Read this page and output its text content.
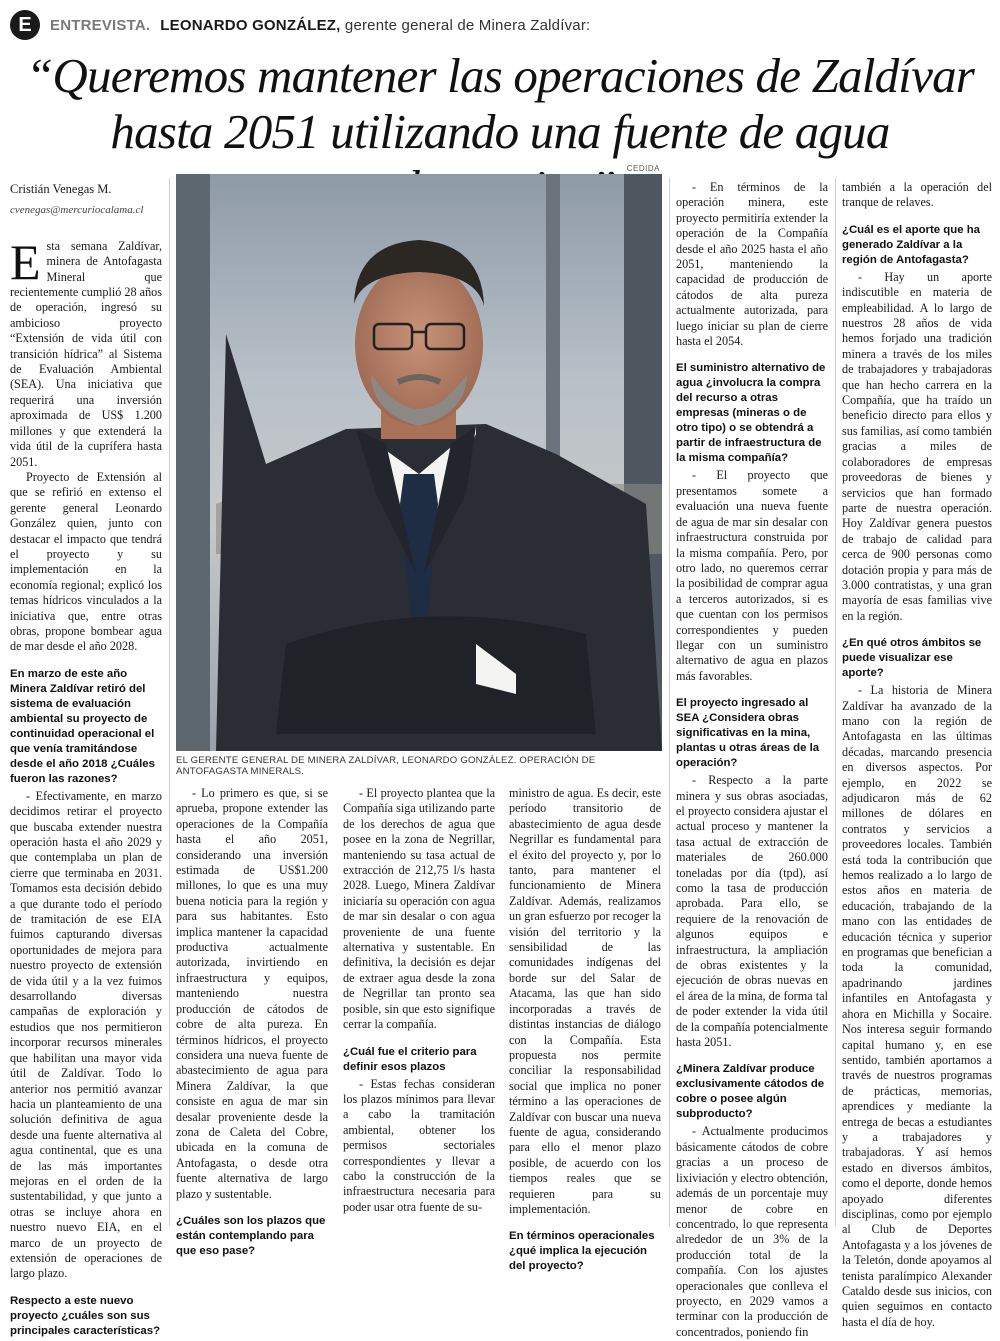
E	ENTREVISTA. LEONARDO GONZÁLEZ, gerente general de Minera Zaldívar:
“Queremos mantener las operaciones de Zaldívar hasta 2051 utilizando una fuente de agua
Cristián Venegas M.
cvenegas@mercuriocalama.cl

Esta semana Zaldívar, minera de Antofagasta Mineral que recientemente cumplió 28 años de operación, ingresó su ambicioso proyecto “Extensión de vida útil con transición hídrica” al Sistema de Evaluación Ambiental (SEA). Una iniciativa que requerirá una inversión aproximada de US$ 1.200 millones y que extenderá la vida útil de la cuprífera hasta 2051.

Proyecto de Extensión al que se refirió en extenso el gerente general Leonardo González quien, junto con destacar el impacto que tendrá el proyecto y su implementación en la economía regional; explicó los temas hídricos vinculados a la iniciativa que, entre otras obras, propone bombear agua de mar desde el año 2028.

En marzo de este año Minera Zaldívar retiró del sistema de evaluación ambiental su proyecto de continuidad operacional el que venía tramitándose desde el año 2018 ¿Cuáles fueron las razones?

- Efectivamente, en marzo decidimos retirar el proyecto que buscaba extender nuestra operación hasta el año 2029 y que contemplaba un plan de cierre que terminaba en 2031. Tomamos esta decisión debido a que durante todo el período de tramitación de ese EIA fuimos capturando diversas oportunidades de mejora para nuestro proyecto de extensión de vida útil y a la vez fuimos desarrollando diversas campañas de exploración y estudios que nos permitieron incorporar recursos minerales que habilitan una mayor vida útil de Zaldívar. Todo lo anterior nos permitió avanzar hacia un planteamiento de una solución definitiva de agua desde una fuente alternativa al agua continental, que es una de las más importantes mejoras en el orden de la sustentabilidad, y que junto a otras se incluye ahora en nuestro nuevo EIA, en el marco de un proyecto de extensión de operaciones de largo plazo.

Respecto a este nuevo proyecto ¿cuáles son sus principales características?

CEDIDA
EL GERENTE GENERAL DE MINERA ZALDÍVAR, LEONARDO GONZÁLEZ. OPERACIÓN DE ANTOFAGASTA MINERALS.

- Lo primero es que, si se aprueba, propone extender las operaciones de la Compañía hasta el año 2051, considerando una inversión estimada de US$1.200 millones, lo que es una muy buena noticia para la región y para sus habitantes. Esto implica mantener la capacidad productiva actualmente autorizada, invirtiendo en infraestructura y equipos, manteniendo nuestra producción de cátodos de cobre de alta pureza. En términos hídricos, el proyecto considera una nueva fuente de abastecimiento de agua para Minera Zaldívar, la que consiste en agua de mar sin desalar proveniente desde la zona de Caleta del Cobre, ubicada en la comuna de Antofagasta, o desde otra fuente alternativa de largo plazo y sustentable.

¿Cuáles son los plazos que están contemplando para que eso pase?

- El proyecto plantea que la Compañía siga utilizando parte de los derechos de agua que posee en la zona de Negrillar, manteniendo su tasa actual de extracción de 212,75 l/s hasta 2028. Luego, Minera Zaldívar iniciaría su operación con agua de mar sin desalar o con agua proveniente de una fuente alternativa y sustentable. En definitiva, la decisión es dejar de extraer agua desde la zona de Negrillar tan pronto sea posible, sin que esto signifique cerrar la compañía.

¿Cuál fue el criterio para definir esos plazos

- Estas fechas consideran los plazos mínimos para llevar a cabo la tramitación ambiental, obtener los permisos sectoriales correspondientes y llevar a cabo la construcción de la infraestructura necesaria para poder usar otra fuente de su-

ministro de agua. Es decir, este período transitorio de abastecimiento de agua desde Negrillar es fundamental para el éxito del proyecto y, por lo tanto, para mantener el funcionamiento de Minera Zaldívar. Además, realizamos un gran esfuerzo por recoger la visión del territorio y la sensibilidad de las comunidades indígenas del borde sur del Salar de Atacama, las que han sido incorporadas a través de distintas instancias de diálogo con la Compañía. Esta propuesta nos permite conciliar la responsabilidad social que implica no poner término a las operaciones de Zaldívar con buscar una nueva fuente de agua, considerando para ello el menor plazo posible, de acuerdo con los tiempos reales que se requieren para su implementación.

En términos operacionales ¿qué implica la ejecución del proyecto?

- En términos de la operación minera, este proyecto permitiría extender la operación de la Compañía desde el año 2025 hasta el año 2051, manteniendo la capacidad de producción de cátodos de alta pureza actualmente autorizada, para luego iniciar su plan de cierre hasta el 2054.

El suministro alternativo de agua ¿involucra la compra del recurso a otras empresas (mineras o de otro tipo) o se obtendrá a partir de infraestructura de la misma compañía?

- El proyecto que presentamos somete a evaluación una nueva fuente de agua de mar sin desalar con infraestructura construida por la misma compañía. Pero, por otro lado, no queremos cerrar la posibilidad de comprar agua a terceros autorizados, si es que cuentan con los permisos correspondientes y pueden llegar con un suministro alternativo de agua en plazos más favorables.

El proyecto ingresado al SEA ¿Considera obras significativas en la mina, plantas u otras áreas de la operación?

- Respecto a la parte minera y sus obras asociadas, el proyecto considera ajustar el actual proceso y mantener la tasa actual de extracción de materiales de 260.000 toneladas por día (tpd), así como la tasa de producción aprobada. Para ello, se requiere de la renovación de algunos equipos e infraestructura, la ampliación de obras existentes y la ejecución de obras nuevas en el área de la mina, de forma tal de poder extender la vida útil de la compañía potencialmente hasta 2051.

¿Minera Zaldívar produce exclusivamente cátodos de cobre o posee algún subproducto?

- Actualmente producimos básicamente cátodos de cobre gracias a un proceso de lixiviación y electro obtención, además de un porcentaje muy menor de cobre en concentrado, lo que representa alrededor de un 3% de la producción total de la compañía. Con los ajustes operacionales que conlleva el proyecto, en 2029 vamos a terminar con la producción de concentrados, poniendo fin

también a la operación del tranque de relaves.

¿Cuál es el aporte que ha generado Zaldívar a la región de Antofagasta?

- Hay un aporte indiscutible en materia de empleabilidad. A lo largo de nuestros 28 años de vida hemos forjado una tradición minera a través de los miles de trabajadores y trabajadoras que han hecho carrera en la Compañía, que ha traído un beneficio directo para ellos y sus familias, así como también gracias a miles de colaboradores de empresas proveedoras de bienes y servicios que han formado parte de nuestra operación. Hoy Zaldívar genera puestos de trabajo de calidad para cerca de 900 personas como dotación propia y para más de 3.000 contratistas, y una gran mayoría de esas familias vive en la región.

¿En qué otros ámbitos se puede visualizar ese aporte?

- La historia de Minera Zaldívar ha avanzado de la mano con la región de Antofagasta en las últimas décadas, marcando presencia en diversos aspectos. Por ejemplo, en 2022 se adjudicaron más de 62 millones de dólares en contratos y servicios a proveedores locales. También está toda la contribución que hemos realizado a lo largo de estos años en materia de educación, trabajando de la mano con las entidades de educación técnica y superior en programas que benefician a toda la comunidad, apadrinando jardines infantiles en Antofagasta y ahora en Michilla y Socaire. Nos interesa seguir formando capital humano y, en ese sentido, también aportamos a través de nuestros programas de prácticas, memorias, aprendices y mediante la entrega de becas a estudiantes y a trabajadores y trabajadoras. Y así hemos estado en diversos ámbitos, como el deporte, donde hemos apoyado diferentes disciplinas, como por ejemplo al Club de Deportes Antofagasta y a los jóvenes de la Teletón, donde apoyamos al tenista paralímpico Alexander Cataldo desde sus inicios, con quien seguimos en contacto hasta el día de hoy.
